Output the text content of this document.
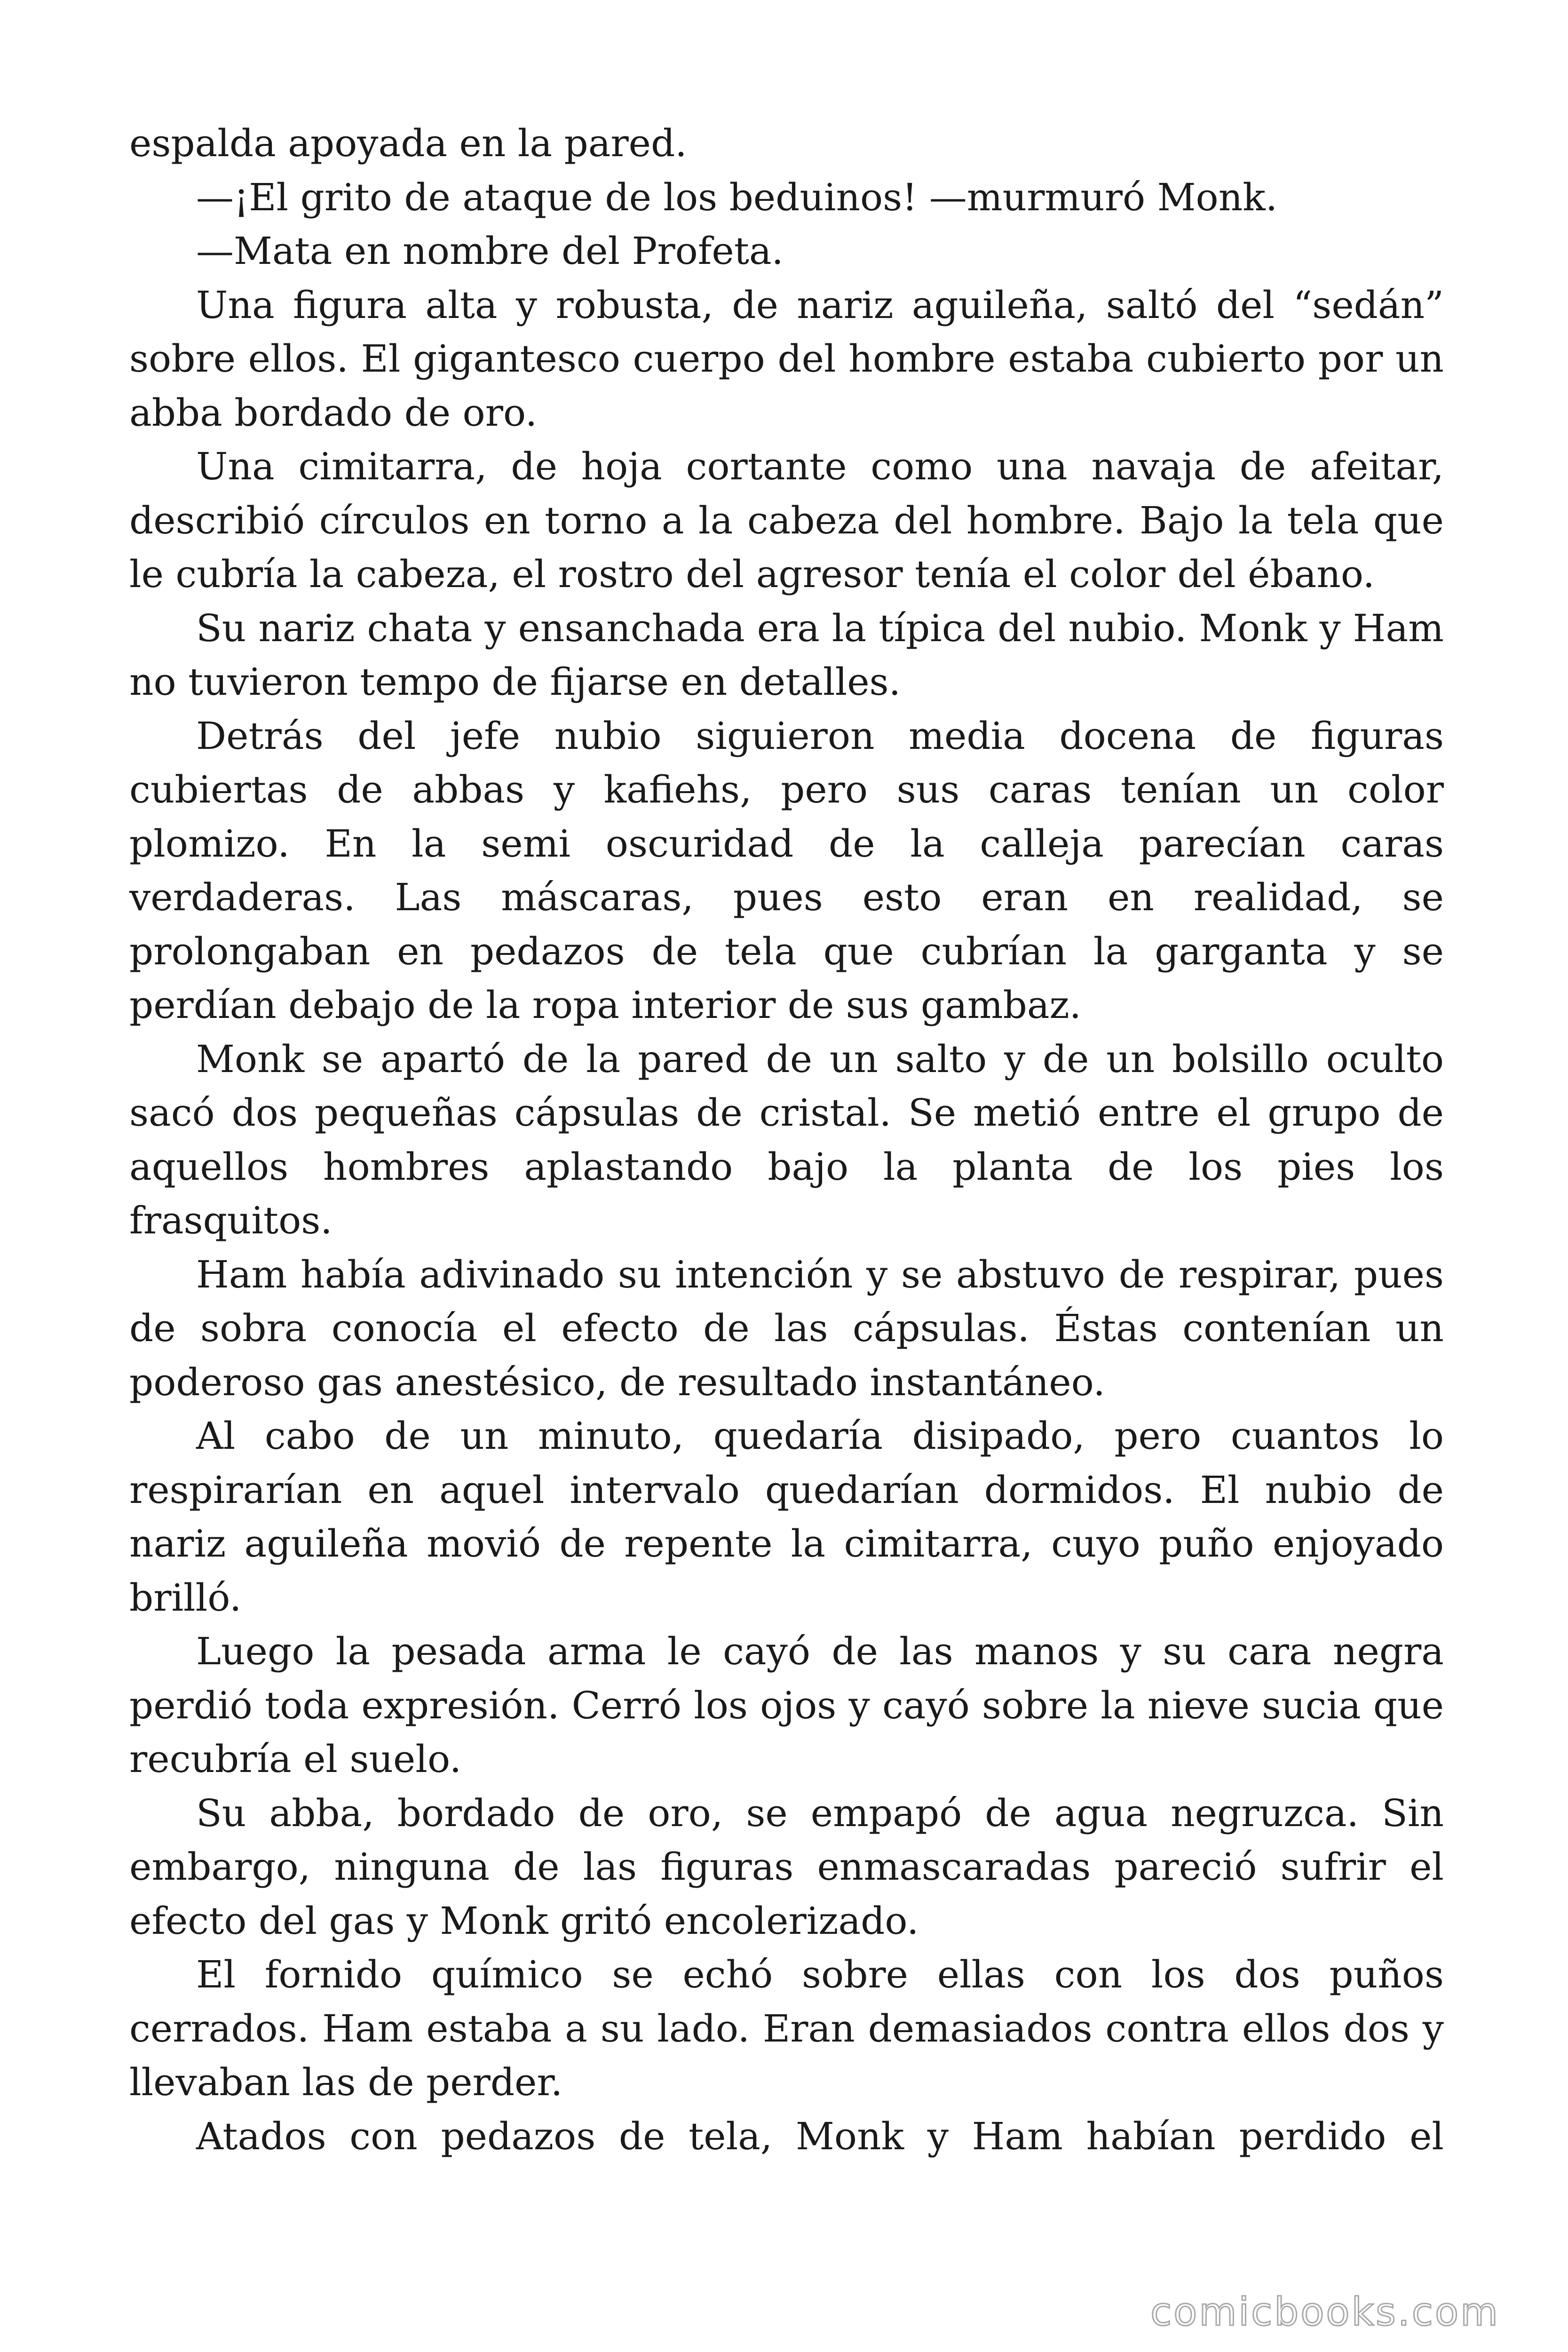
espalda apoyada en la pared.

—¡El grito de ataque de los beduinos! —murmuró Monk.

—Mata en nombre del Profeta.

Una figura alta y robusta, de nariz aguileña, saltó del “sedán” sobre ellos. El gigantesco cuerpo del hombre estaba cubierto por un abba bordado de oro.

Una cimitarra, de hoja cortante como una navaja de afeitar, describió círculos en torno a la cabeza del hombre. Bajo la tela que le cubría la cabeza, el rostro del agresor tenía el color del ébano.

Su nariz chata y ensanchada era la típica del nubio. Monk y Ham no tuvieron tempo de fijarse en detalles.

Detrás del jefe nubio siguieron media docena de figuras cubiertas de abbas y kafiehs, pero sus caras tenían un color plomizo. En la semi oscuridad de la calleja parecían caras verdaderas. Las máscaras, pues esto eran en realidad, se prolongaban en pedazos de tela que cubrían la garganta y se perdían debajo de la ropa interior de sus gambaz.

Monk se apartó de la pared de un salto y de un bolsillo oculto sacó dos pequeñas cápsulas de cristal. Se metió entre el grupo de aquellos hombres aplastando bajo la planta de los pies los frasquitos.

Ham había adivinado su intención y se abstuvo de respirar, pues de sobra conocía el efecto de las cápsulas. Éstas contenían un poderoso gas anestésico, de resultado instantáneo.

Al cabo de un minuto, quedaría disipado, pero cuantos lo respirarían en aquel intervalo quedarían dormidos. El nubio de nariz aguileña movió de repente la cimitarra, cuyo puño enjoyado brilló.

Luego la pesada arma le cayó de las manos y su cara negra perdió toda expresión. Cerró los ojos y cayó sobre la nieve sucia que recubría el suelo.

Su abba, bordado de oro, se empapó de agua negruzca. Sin embargo, ninguna de las figuras enmascaradas pareció sufrir el efecto del gas y Monk gritó encolerizado.

El fornido químico se echó sobre ellas con los dos puños cerrados. Ham estaba a su lado. Eran demasiados contra ellos dos y llevaban las de perder.

Atados con pedazos de tela, Monk y Ham habían perdido el

comicbooks.com
